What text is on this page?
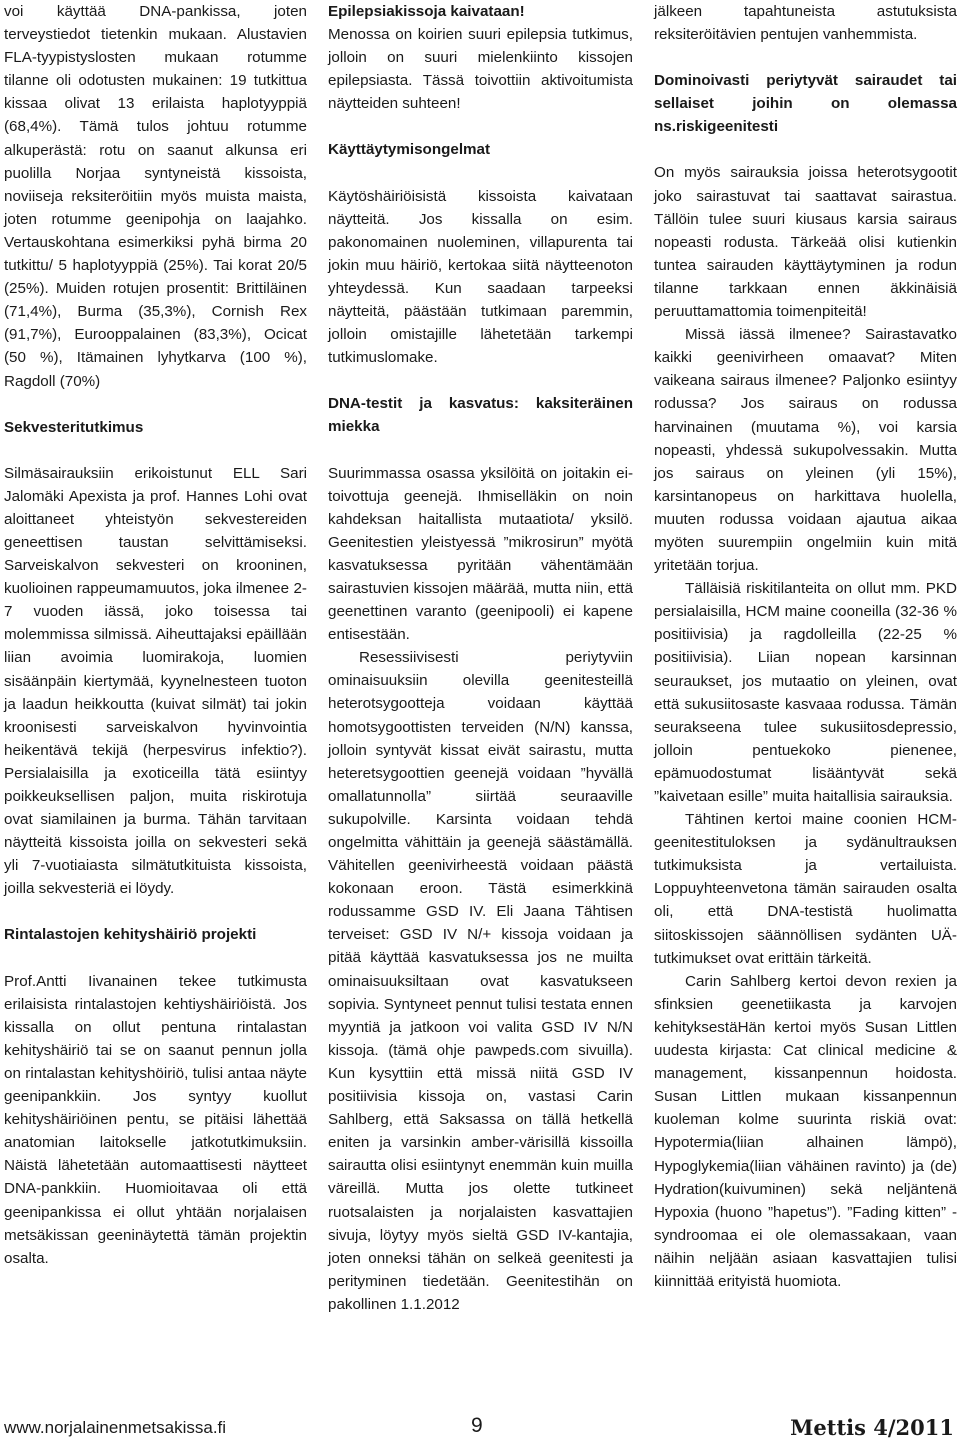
voi käyttää DNA-pankissa, joten terveystiedot tietenkin mukaan. Alustavien FLA-tyypistyslosten mukaan rotumme tilanne oli odotusten mukainen: 19 tutkittua kissaa olivat 13 erilaista haplotyyppiä (68,4%). Tämä tulos johtuu rotumme alkuperästä: rotu on saanut alkunsa eri puolilla Norjaa syntyneistä kissoista, noviiseja reksiteröitiin myös muista maista, joten rotumme geenipohja on laajahko. Vertauskohtana esimerkiksi pyhä birma 20 tutkittu/ 5 haplotyyppiä (25%). Tai korat 20/5 (25%). Muiden rotujen prosentit: Brittiläinen (71,4%), Burma (35,3%), Cornish Rex (91,7%), Eurooppalainen (83,3%), Ocicat (50 %), Itämainen lyhytkarva (100 %), Ragdoll (70%)

Sekvesteritutkimus

Silmäsairauksiin erikoistunut ELL Sari Jalomäki Apexista ja prof. Hannes Lohi ovat aloittaneet yhteistyön sekvestereiden geneettisen taustan selvittämiseksi. Sarveiskalvon sekvesteri on krooninen, kuolioinen rappeumamuutos, joka ilmenee 2-7 vuoden iässä, joko toisessa tai molemmissa silmissä. Aiheuttajaksi epäillään liian avoimia luomirakoja, luomien sisäänpäin kiertymää, kyynelnesteen tuoton ja laadun heikkoutta (kuivat silmät) tai jokin kroonisesti sarveiskalvon hyvinvointia heikentävä tekijä (herpesvirus infektio?). Persialaisilla ja exoticeilla tätä esiintyy poikkeuksellisen paljon, muita riskirotuja ovat siamilainen ja burma. Tähän tarvitaan näytteitä kissoista joilla on sekvesteri sekä yli 7-vuotiaiasta silmätutkituista kissoista, joilla sekvesteriä ei löydy.

Rintalastojen kehityshäiriö projekti

Prof.Antti Iivanainen tekee tutkimusta erilaisista rintalastojen kehtiyshäiriöistä. Jos kissalla on ollut pentuna rintalastan kehityshäiriö tai se on saanut pennun jolla on rintalastan kehityshöiriö, tulisi antaa näyte geenipankkiin. Jos syntyy kuollut kehityshäiriöinen pentu, se pitäisi lähettää anatomian laitokselle jatkotutkimuksiin. Näistä lähetetään automaattisesti näytteet DNA-pankkiin. Huomioitavaa oli että geenipankissa ei ollut yhtään norjalaisen metsäkissan geeninäytettä tämän projektin osalta.

Epilepsiakissoja kaivataan!

Menossa on koirien suuri epilepsia tutkimus, jolloin on suuri mielenkiinto kissojen epilepsiasta. Tässä toivottiin aktivoitumista näytteiden suhteen!

Käyttäytymisongelmat

Käytöshäiriöisistä kissoista kaivataan näytteitä. Jos kissalla on esim. pakonomainen nuoleminen, villapurenta tai jokin muu häiriö, kertokaa siitä näytteenoton yhteydessä. Kun saadaan tarpeeksi näytteitä, päästään tutkimaan paremmin, jolloin omistajille lähetetään tarkempi tutkimuslomake.

DNA-testit ja kasvatus: kaksiteräinen miekka

Suurimmassa osassa yksilöitä on joitakin ei-toivottuja geenejä. Ihmiselläkin on noin kahdeksan haitallista mutaatiota/ yksilö. Geenitestien yleistyessä ”mikrosirun” myötä kasvatuksessa pyritään vähentämään sairastuvien kissojen määrää, mutta niin, että geenettinen varanto (geenipooli) ei kapene entisestään.

Resessiivisesti periytyviin ominaisuuksiin olevilla geenitesteillä heterotsygootteja voidaan käyttää homotsygoottisten terveiden (N/N) kanssa, jolloin syntyvät kissat eivät sairastu, mutta heteretsygoottien geenejä voidaan ”hyvällä omallatunnolla” siirtää seuraaville sukupolville. Karsinta voidaan tehdä ongelmitta vähittäin ja geenejä säästämällä. Vähitellen geenivirheestä voidaan päästä kokonaan eroon. Tästä esimerkkinä rodussamme GSD IV. Eli Jaana Tähtisen terveiset: GSD IV N/+ kissoja voidaan ja pitää käyttää kasvatuksessa jos ne muilta ominaisuuksiltaan ovat kasvatukseen sopivia. Syntyneet pennut tulisi testata ennen myyntiä ja jatkoon voi valita GSD IV N/N kissoja. (tämä ohje pawpeds.com sivuilla). Kun kysyttiin että missä niitä GSD IV positiivisia kissoja on, vastasi Carin Sahlberg, että Saksassa on tällä hetkellä eniten ja varsinkin amber-värisillä kissoilla sairautta olisi esiintynyt enemmän kuin muilla väreillä. Mutta jos olette tutkineet ruotsalaisten ja norjalaisten kasvattajien sivuja, löytyy myös sieltä GSD IV-kantajia, joten onneksi tähän on selkeä geenitesti ja perityminen tiedetään. Geenitestihän on pakollinen 1.1.2012

jälkeen tapahtuneista astutuksista reksiteröitävien pentujen vanhemmista.

Dominoivasti periytyvät sairaudet tai sellaiset joihin on olemassa ns.riskigeenitesti

On myös sairauksia joissa heterotsygootit joko sairastuvat tai saattavat sairastua. Tällöin tulee suuri kiusaus karsia sairaus nopeasti rodusta. Tärkeää olisi kutienkin tuntea sairauden käyttäytyminen ja rodun tilanne tarkkaan ennen äkkinäisiä peruuttamattomia toimenpiteitä!

Missä iässä ilmenee? Sairastavatko kaikki geenivirheen omaavat? Miten vaikeana sairaus ilmenee? Paljonko esiintyy rodussa? Jos sairaus on rodussa harvinainen (muutama %), voi karsia nopeasti, yhdessä sukupolvessakin. Mutta jos sairaus on yleinen (yli 15%), karsintanopeus on harkittava huolella, muuten rodussa voidaan ajautua aikaa myöten suurempiin ongelmiin kuin mitä yritetään torjua.

Tälläisiä riskitilanteita on ollut mm. PKD persialaisilla, HCM maine cooneilla (32-36 % positiivisia) ja ragdolleilla (22-25 % positiivisia). Liian nopean karsinnan seuraukset, jos mutaatio on yleinen, ovat että sukusiitosaste kasvaaa rodussa. Tämän seurakseena tulee sukusiitosdepressio, jolloin pentuekoko pienenee, epämuodostumat lisääntyvät sekä ”kaivetaan esille” muita haitallisia sairauksia.

Tähtinen kertoi maine coonien HCM-geenitestituloksen ja sydänultrauksen tutkimuksista ja vertailuista. Loppuyhteenvetona tämän sairauden osalta oli, että DNA-testistä huolimatta siitoskissojen säännöllisen sydänten UÄ-tutkimukset ovat erittäin tärkeitä.

Carin Sahlberg kertoi devon rexien ja sfinksien geenetiikasta ja karvojen kehityksestäHän kertoi myös Susan Littlen uudesta kirjasta: Cat clinical medicine & management, kissanpennun hoidosta. Susan Littlen mukaan kissanpennun kuoleman kolme suurinta riskiä ovat: Hypotermia(liian alhainen lämpö), Hypoglykemia(liian vähäinen ravinto) ja (de) Hydration(kuivuminen) sekä neljäntenä Hypoxia (huono ”hapetus”). ”Fading kitten” - syndroomaa ei ole olemassakaan, vaan näihin neljään asiaan kasvattajien tulisi kiinnittää erityistä huomiota.

www.norjalainenmetsakissa.fi	9	Mettis 4/2011
